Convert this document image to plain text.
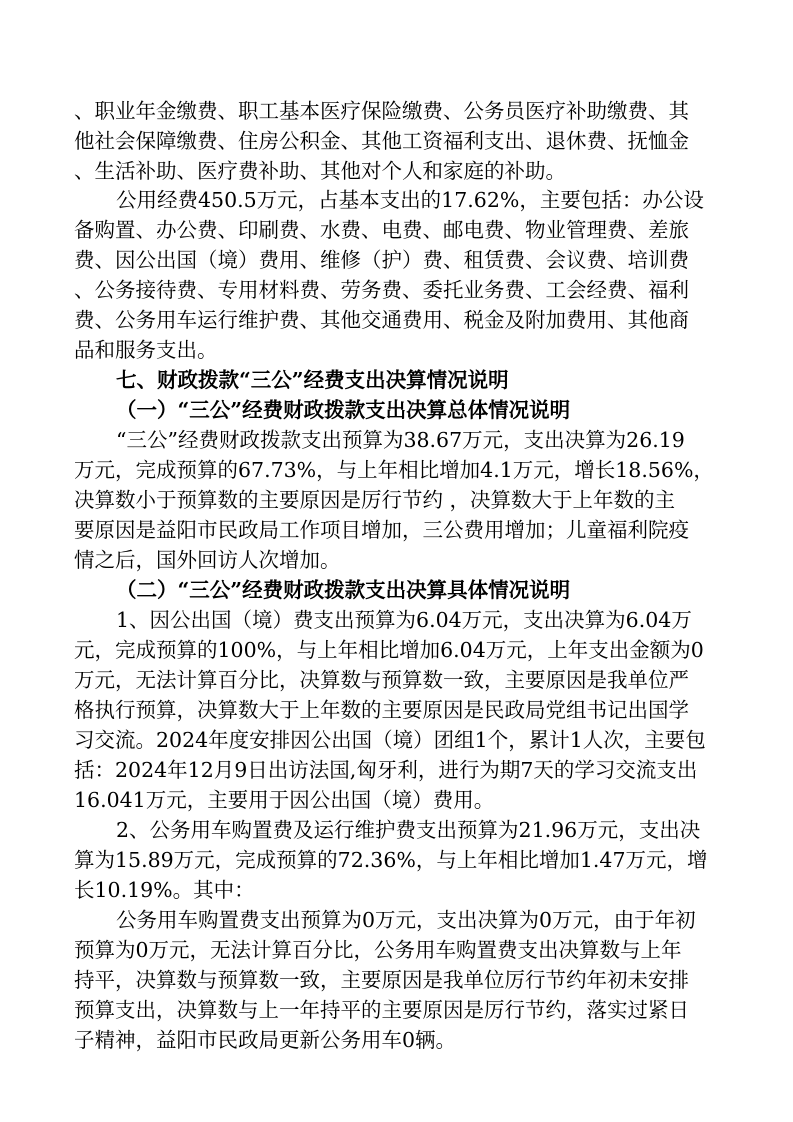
、职业年金缴费、职工基本医疗保险缴费、公务员医疗补助缴费、其
他社会保障缴费、住房公积金、其他工资福利支出、退休费、抚恤金
、生活补助、医疗费补助、其他对个人和家庭的补助。
公用经费450.5万元，占基本支出的17.62%，主要包括：办公设
备购置、办公费、印刷费、水费、电费、邮电费、物业管理费、差旅
费、因公出国（境）费用、维修（护）费、租赁费、会议费、培训费
、公务接待费、专用材料费、劳务费、委托业务费、工会经费、福利
费、公务用车运行维护费、其他交通费用、税金及附加费用、其他商
品和服务支出。
七、财政拨款“三公”经费支出决算情况说明
（一）“三公”经费财政拨款支出决算总体情况说明
“三公”经费财政拨款支出预算为38.67万元，支出决算为26.19
万元，完成预算的67.73%，与上年相比增加4.1万元，增长18.56%，
决算数小于预算数的主要原因是厉行节约 ，决算数大于上年数的主
要原因是益阳市民政局工作项目增加，三公费用增加；儿童福利院疫
情之后，国外回访人次增加。
（二）“三公”经费财政拨款支出决算具体情况说明
1、因公出国（境）费支出预算为6.04万元，支出决算为6.04万
元，完成预算的100%，与上年相比增加6.04万元，上年支出金额为0
万元，无法计算百分比，决算数与预算数一致，主要原因是我单位严
格执行预算，决算数大于上年数的主要原因是民政局党组书记出国学
习交流。2024年度安排因公出国（境）团组1个，累计1人次，主要包
括：2024年12月9日出访法国,匈牙利，进行为期7天的学习交流支出
16.041万元，主要用于因公出国（境）费用。
2、公务用车购置费及运行维护费支出预算为21.96万元，支出决
算为15.89万元，完成预算的72.36%，与上年相比增加1.47万元，增
长10.19%。其中：
公务用车购置费支出预算为0万元，支出决算为0万元，由于年初
预算为0万元，无法计算百分比，公务用车购置费支出决算数与上年
持平，决算数与预算数一致，主要原因是我单位厉行节约年初未安排
预算支出，决算数与上一年持平的主要原因是厉行节约，落实过紧日
子精神，益阳市民政局更新公务用车0辆。
